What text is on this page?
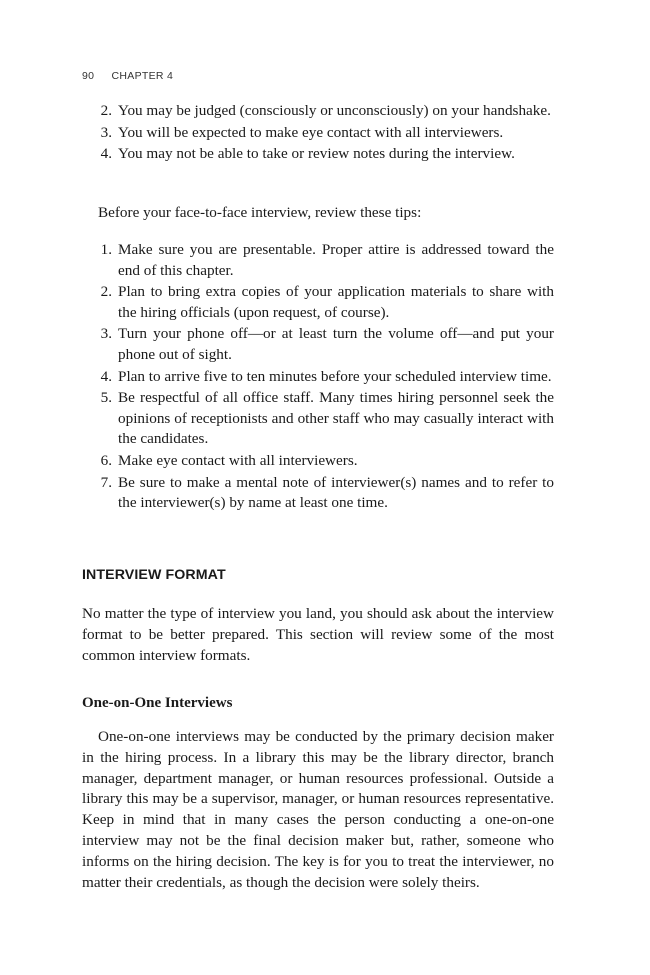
90 CHAPTER 4
2. You may be judged (consciously or unconsciously) on your handshake.
3. You will be expected to make eye contact with all interviewers.
4. You may not be able to take or review notes during the interview.

Before your face-to-face interview, review these tips:

1. Make sure you are presentable. Proper attire is addressed toward the end of this chapter.
2. Plan to bring extra copies of your application materials to share with the hiring officials (upon request, of course).
3. Turn your phone off—or at least turn the volume off—and put your phone out of sight.
4. Plan to arrive five to ten minutes before your scheduled interview time.
5. Be respectful of all office staff. Many times hiring personnel seek the opinions of receptionists and other staff who may casually interact with the candidates.
6. Make eye contact with all interviewers.
7. Be sure to make a mental note of interviewer(s) names and to refer to the interviewer(s) by name at least one time.
INTERVIEW FORMAT

No matter the type of interview you land, you should ask about the interview format to be better prepared. This section will review some of the most common interview formats.

One-on-One Interviews

One-on-one interviews may be conducted by the primary decision maker in the hiring process. In a library this may be the library director, branch manager, department manager, or human resources professional. Outside a library this may be a supervisor, manager, or human resources representative. Keep in mind that in many cases the person conducting a one-on-one interview may not be the final decision maker but, rather, someone who informs on the hiring decision. The key is for you to treat the interviewer, no matter their credentials, as though the decision were solely theirs.
